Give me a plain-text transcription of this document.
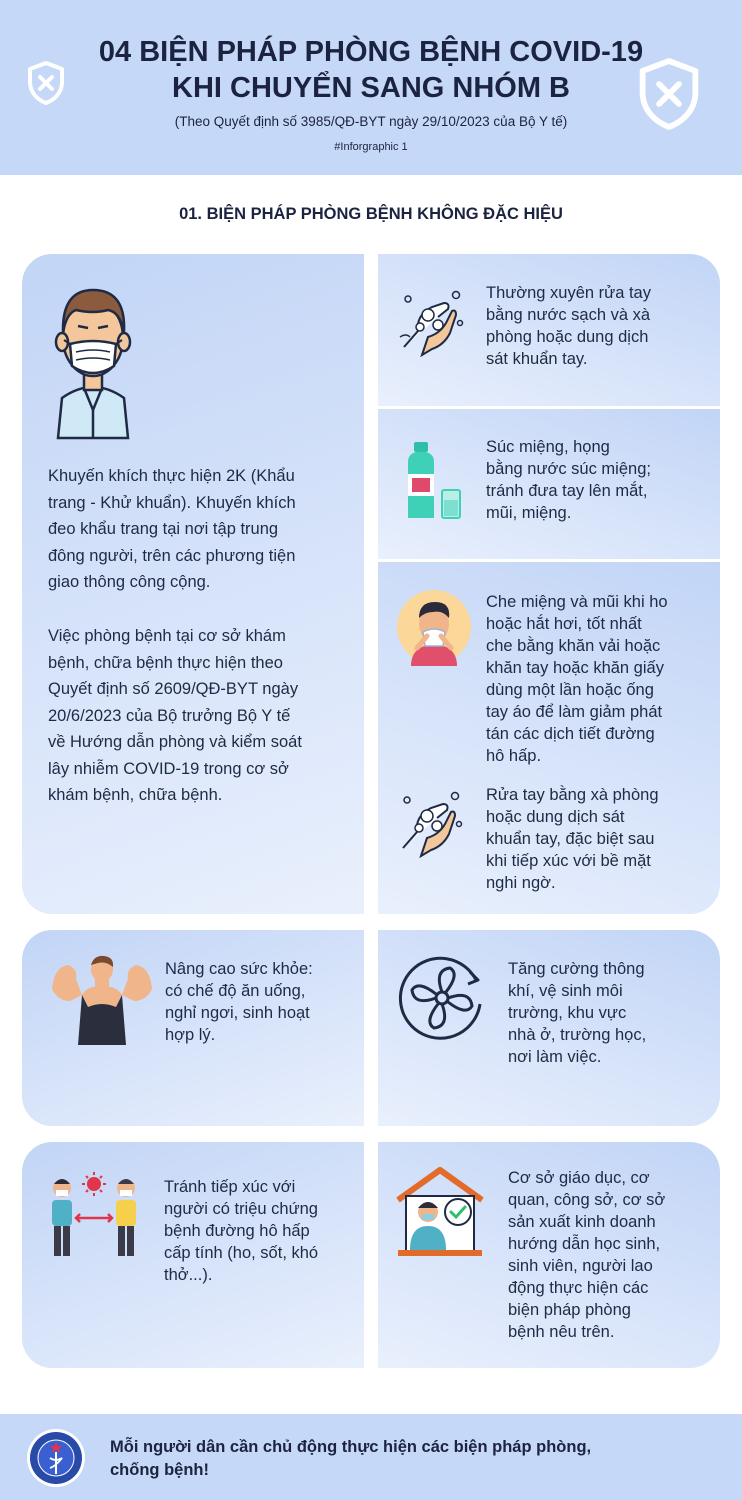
04 BIỆN PHÁP PHÒNG BỆNH COVID-19
KHI CHUYỂN SANG NHÓM B
(Theo Quyết định số 3985/QĐ-BYT ngày 29/10/2023 của Bộ Y tế)
#Inforgraphic 1
01. BIỆN PHÁP PHÒNG BỆNH KHÔNG ĐẶC HIỆU
Khuyến khích thực hiện 2K (Khẩu
trang - Khử khuẩn). Khuyến khích
đeo khẩu trang tại nơi tập trung
đông người, trên các phương tiện
giao thông công cộng.
Việc phòng bệnh tại cơ sở khám
bệnh, chữa bệnh thực hiện theo
Quyết định số 2609/QĐ-BYT ngày
20/6/2023 của Bộ trưởng Bộ Y tế
về Hướng dẫn phòng và kiểm soát
lây nhiễm COVID-19 trong cơ sở
khám bệnh, chữa bệnh.
Thường xuyên rửa tay
bằng nước sạch và xà
phòng hoặc dung dịch
sát khuẩn tay.
Súc miệng, họng
bằng nước súc miệng;
tránh đưa tay lên mắt,
mũi, miệng.
Che miệng và mũi khi ho
hoặc hắt hơi, tốt nhất
che bằng khăn vải hoặc
khăn tay hoặc khăn giấy
dùng một lần hoặc ống
tay áo để làm giảm phát
tán các dịch tiết đường
hô hấp.
Rửa tay bằng xà phòng
hoặc dung dịch sát
khuẩn tay, đặc biệt sau
khi tiếp xúc với bề mặt
nghi ngờ.
Nâng cao sức khỏe:
có chế độ ăn uống,
nghỉ ngơi, sinh hoạt
hợp lý.
Tăng cường thông
khí, vệ sinh môi
trường, khu vực
nhà ở, trường học,
nơi làm việc.
Tránh tiếp xúc với
người có triệu chứng
bệnh đường hô hấp
cấp tính (ho, sốt, khó
thở...).
Cơ sở giáo dục, cơ
quan, công sở, cơ sở
sản xuất kinh doanh
hướng dẫn học sinh,
sinh viên, người lao
động thực hiện các
biện pháp phòng
bệnh nêu trên.
Mỗi người dân cần chủ động thực hiện các biện pháp phòng,
chống bệnh!
